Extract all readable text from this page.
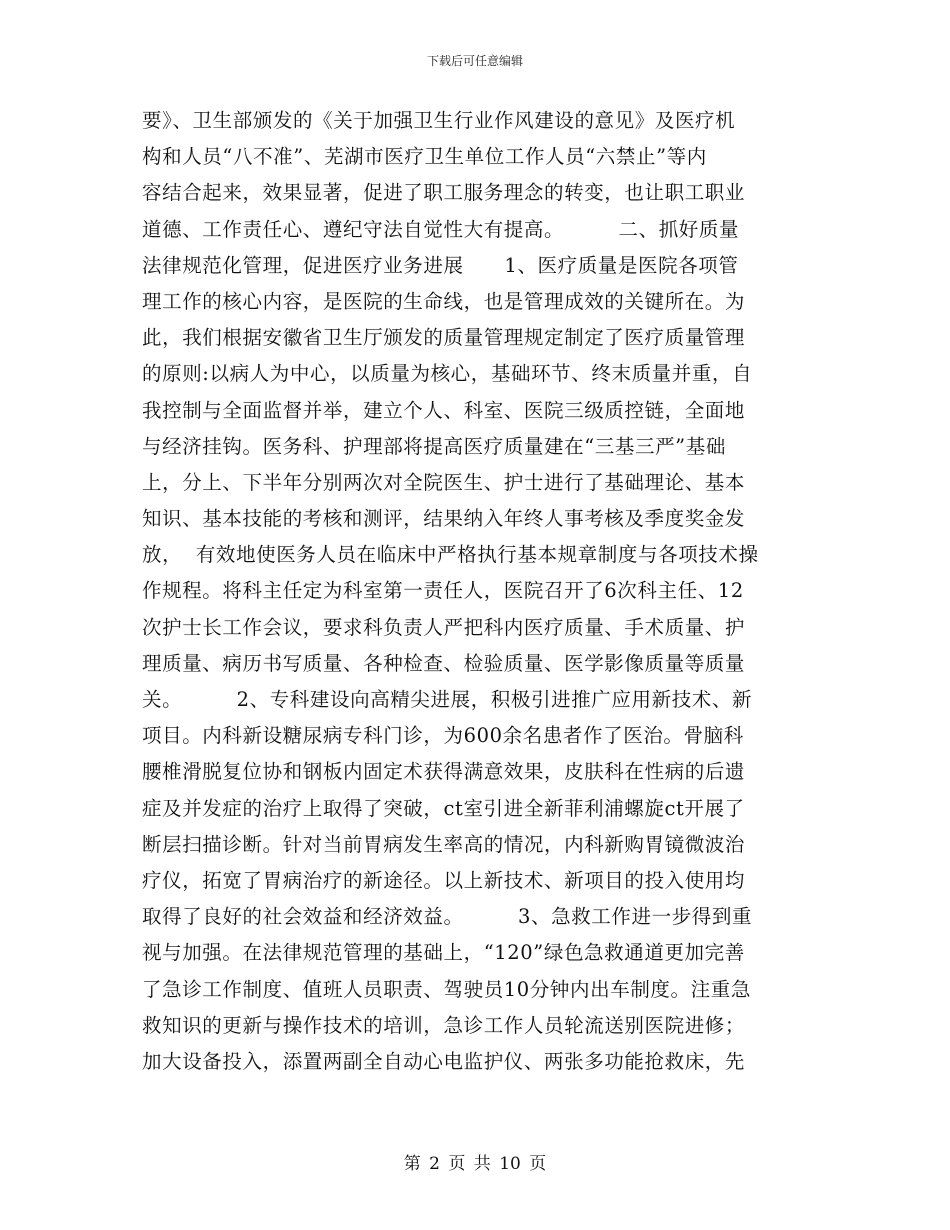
下载后可任意编辑
要》、卫生部颁发的《关于加强卫生行业作风建设的意见》及医疗机
构和人员“八不准”、芜湖市医疗卫生单位工作人员“六禁止”等内
容结合起来，效果显著，促进了职工服务理念的转变，也让职工职业
道德、工作责任心、遵纪守法自觉性大有提高。        二、抓好质量
法律规范化管理，促进医疗业务进展      1、医疗质量是医院各项管
理工作的核心内容，是医院的生命线，也是管理成效的关键所在。为
此，我们根据安徽省卫生厅颁发的质量管理规定制定了医疗质量管理
的原则:以病人为中心，以质量为核心，基础环节、终末质量并重，自
我控制与全面监督并举，建立个人、科室、医院三级质控链，全面地
与经济挂钩。医务科、护理部将提高医疗质量建在“三基三严”基础
上，分上、下半年分别两次对全院医生、护士进行了基础理论、基本
知识、基本技能的考核和测评，结果纳入年终人事考核及季度奖金发
放，  有效地使医务人员在临床中严格执行基本规章制度与各项技术操
作规程。将科主任定为科室第一责任人，医院召开了6次科主任、12
次护士长工作会议，要求科负责人严把科内医疗质量、手术质量、护
理质量、病历书写质量、各种检查、检验质量、医学影像质量等质量
关。        2、专科建设向高精尖进展，积极引进推广应用新技术、新
项目。内科新设糖尿病专科门诊，为600余名患者作了医治。骨脑科
腰椎滑脱复位协和钢板内固定术获得满意效果，皮肤科在性病的后遗
症及并发症的治疗上取得了突破，ct室引进全新菲利浦螺旋ct开展了
断层扫描诊断。针对当前胃病发生率高的情况，内科新购胃镜微波治
疗仪，拓宽了胃病治疗的新途径。以上新技术、新项目的投入使用均
取得了良好的社会效益和经济效益。        3、急救工作进一步得到重
视与加强。在法律规范管理的基础上，“120”绿色急救通道更加完善
了急诊工作制度、值班人员职责、驾驶员10分钟内出车制度。注重急
救知识的更新与操作技术的培训，急诊工作人员轮流送别医院进修；
加大设备投入，添置两副全自动心电监护仪、两张多功能抢救床，先
第 2 页 共 10 页
